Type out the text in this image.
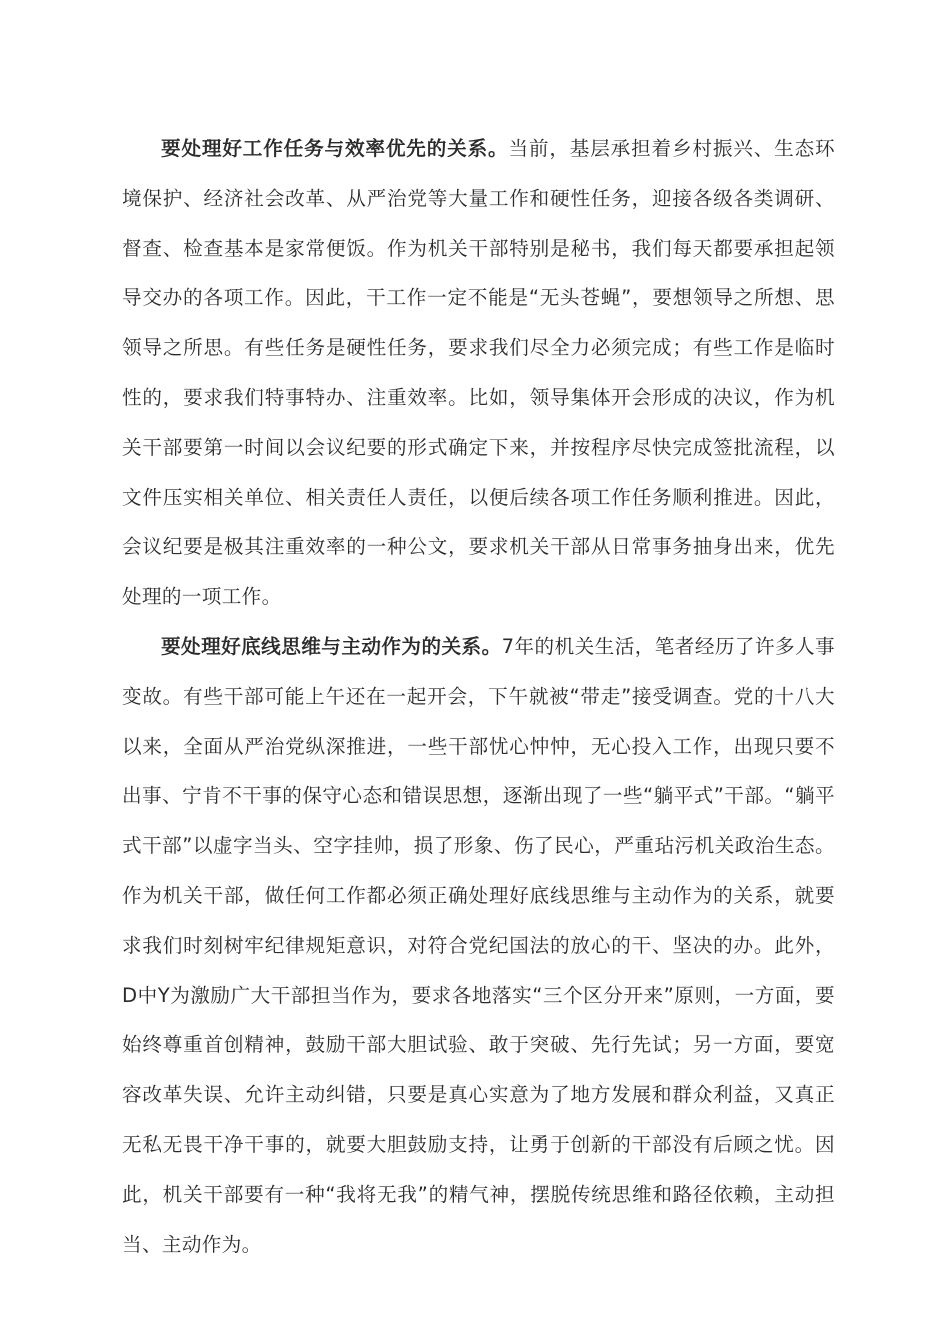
要处理好工作任务与效率优先的关系。当前，基层承担着乡村振兴、生态环境保护、经济社会改革、从严治党等大量工作和硬性任务，迎接各级各类调研、督查、检查基本是家常便饭。作为机关干部特别是秘书，我们每天都要承担起领导交办的各项工作。因此，干工作一定不能是“无头苍蝇”，要想领导之所想、思领导之所思。有些任务是硬性任务，要求我们尽全力必须完成；有些工作是临时性的，要求我们特事特办、注重效率。比如，领导集体开会形成的决议，作为机关干部要第一时间以会议纪要的形式确定下来，并按程序尽快完成签批流程，以文件压实相关单位、相关责任人责任，以便后续各项工作任务顺利推进。因此，会议纪要是极其注重效率的一种公文，要求机关干部从日常事务抽身出来，优先处理的一项工作。

要处理好底线思维与主动作为的关系。7年的机关生活，笔者经历了许多人事变故。有些干部可能上午还在一起开会，下午就被“带走”接受调查。党的十八大以来，全面从严治党纵深推进，一些干部忧心忡忡，无心投入工作，出现只要不出事、宁肯不干事的保守心态和错误思想，逐渐出现了一些“躺平式”干部。“躺平式干部”以虚字当头、空字挂帅，损了形象、伤了民心，严重玷污机关政治生态。作为机关干部，做任何工作都必须正确处理好底线思维与主动作为的关系，就要求我们时刻树牢纪律规矩意识，对符合党纪国法的放心的干、坚决的办。此外，D中Y为激励广大干部担当作为，要求各地落实“三个区分开来”原则，一方面，要始终尊重首创精神，鼓励干部大胆试验、敢于突破、先行先试；另一方面，要宽容改革失误、允许主动纠错，只要是真心实意为了地方发展和群众利益，又真正无私无畏干净干事的，就要大胆鼓励支持，让勇于创新的干部没有后顾之忧。因此，机关干部要有一种“我将无我”的精气神，摆脱传统思维和路径依赖，主动担当、主动作为。
